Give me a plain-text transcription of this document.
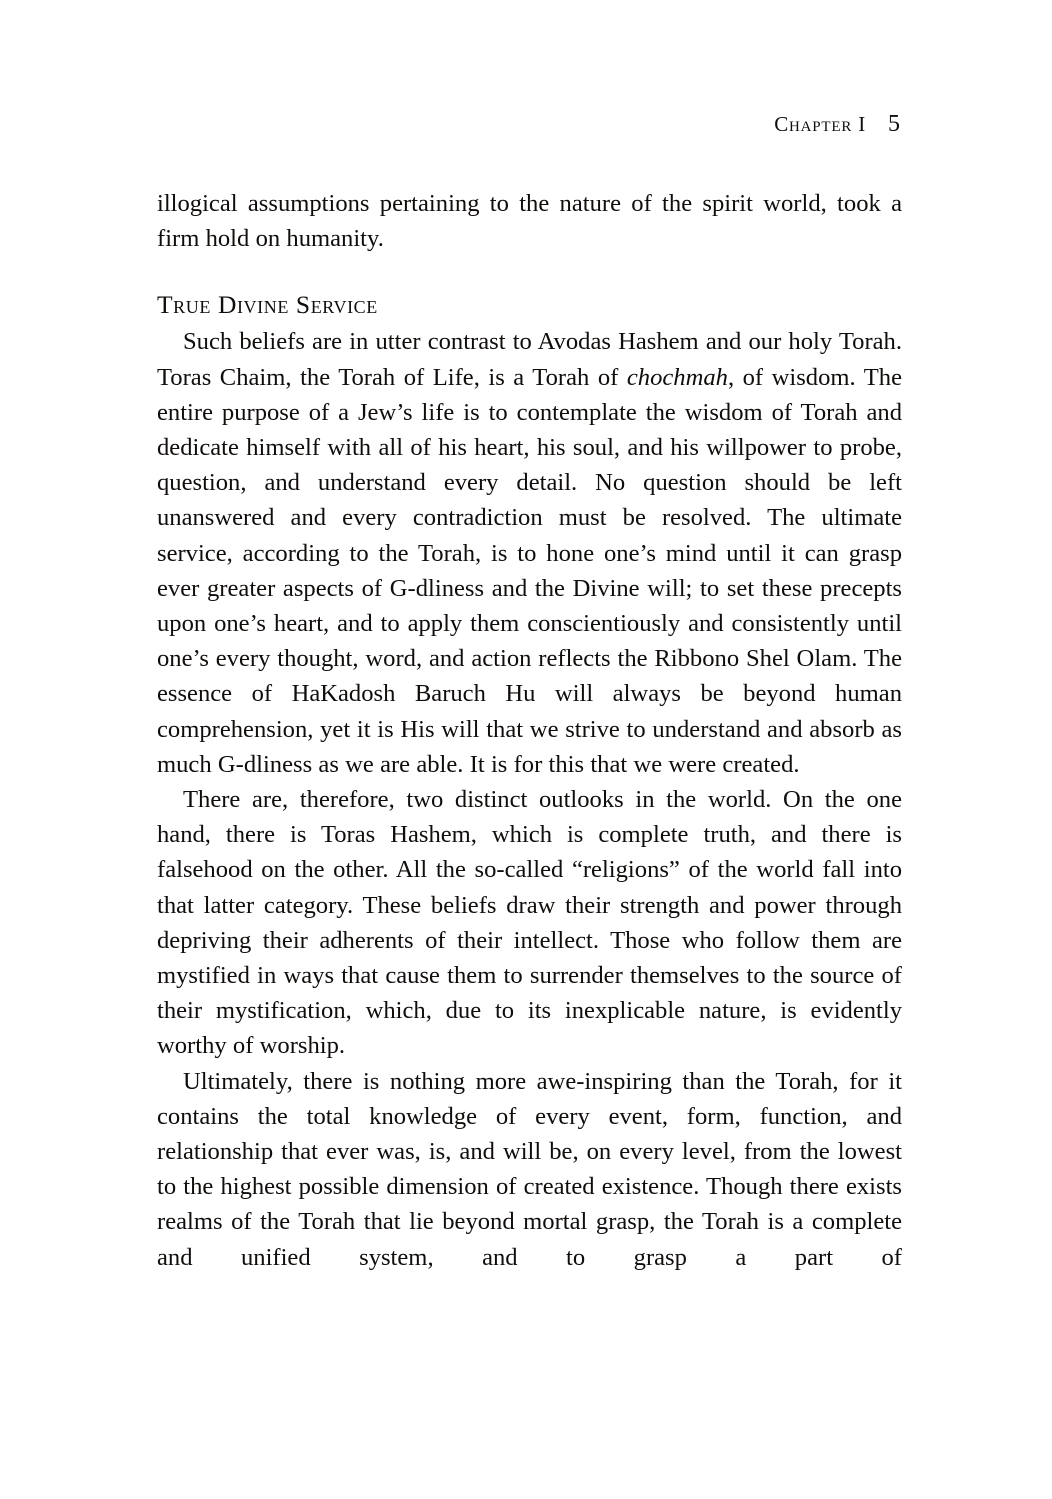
Chapter I 5

illogical assumptions pertaining to the nature of the spirit world, took a firm hold on humanity.

True Divine Service

Such beliefs are in utter contrast to Avodas Hashem and our holy Torah. Toras Chaim, the Torah of Life, is a Torah of chochmah, of wisdom. The entire purpose of a Jew’s life is to contemplate the wisdom of Torah and dedicate himself with all of his heart, his soul, and his willpower to probe, question, and understand every detail. No question should be left unanswered and every contradiction must be resolved. The ultimate service, according to the Torah, is to hone one’s mind until it can grasp ever greater aspects of G-dliness and the Divine will; to set these precepts upon one’s heart, and to apply them conscientiously and consistently until one’s every thought, word, and action reflects the Ribbono Shel Olam. The essence of HaKadosh Baruch Hu will always be beyond human comprehension, yet it is His will that we strive to understand and absorb as much G-dliness as we are able. It is for this that we were created.

There are, therefore, two distinct outlooks in the world. On the one hand, there is Toras Hashem, which is complete truth, and there is falsehood on the other. All the so-called “religions” of the world fall into that latter category. These beliefs draw their strength and power through depriving their adherents of their intellect. Those who follow them are mystified in ways that cause them to surrender themselves to the source of their mystification, which, due to its inexplicable nature, is evidently worthy of worship.

Ultimately, there is nothing more awe-inspiring than the Torah, for it contains the total knowledge of every event, form, function, and relationship that ever was, is, and will be, on every level, from the lowest to the highest possible dimension of created existence. Though there exists realms of the Torah that lie beyond mortal grasp, the Torah is a complete and unified system, and to grasp a part of
